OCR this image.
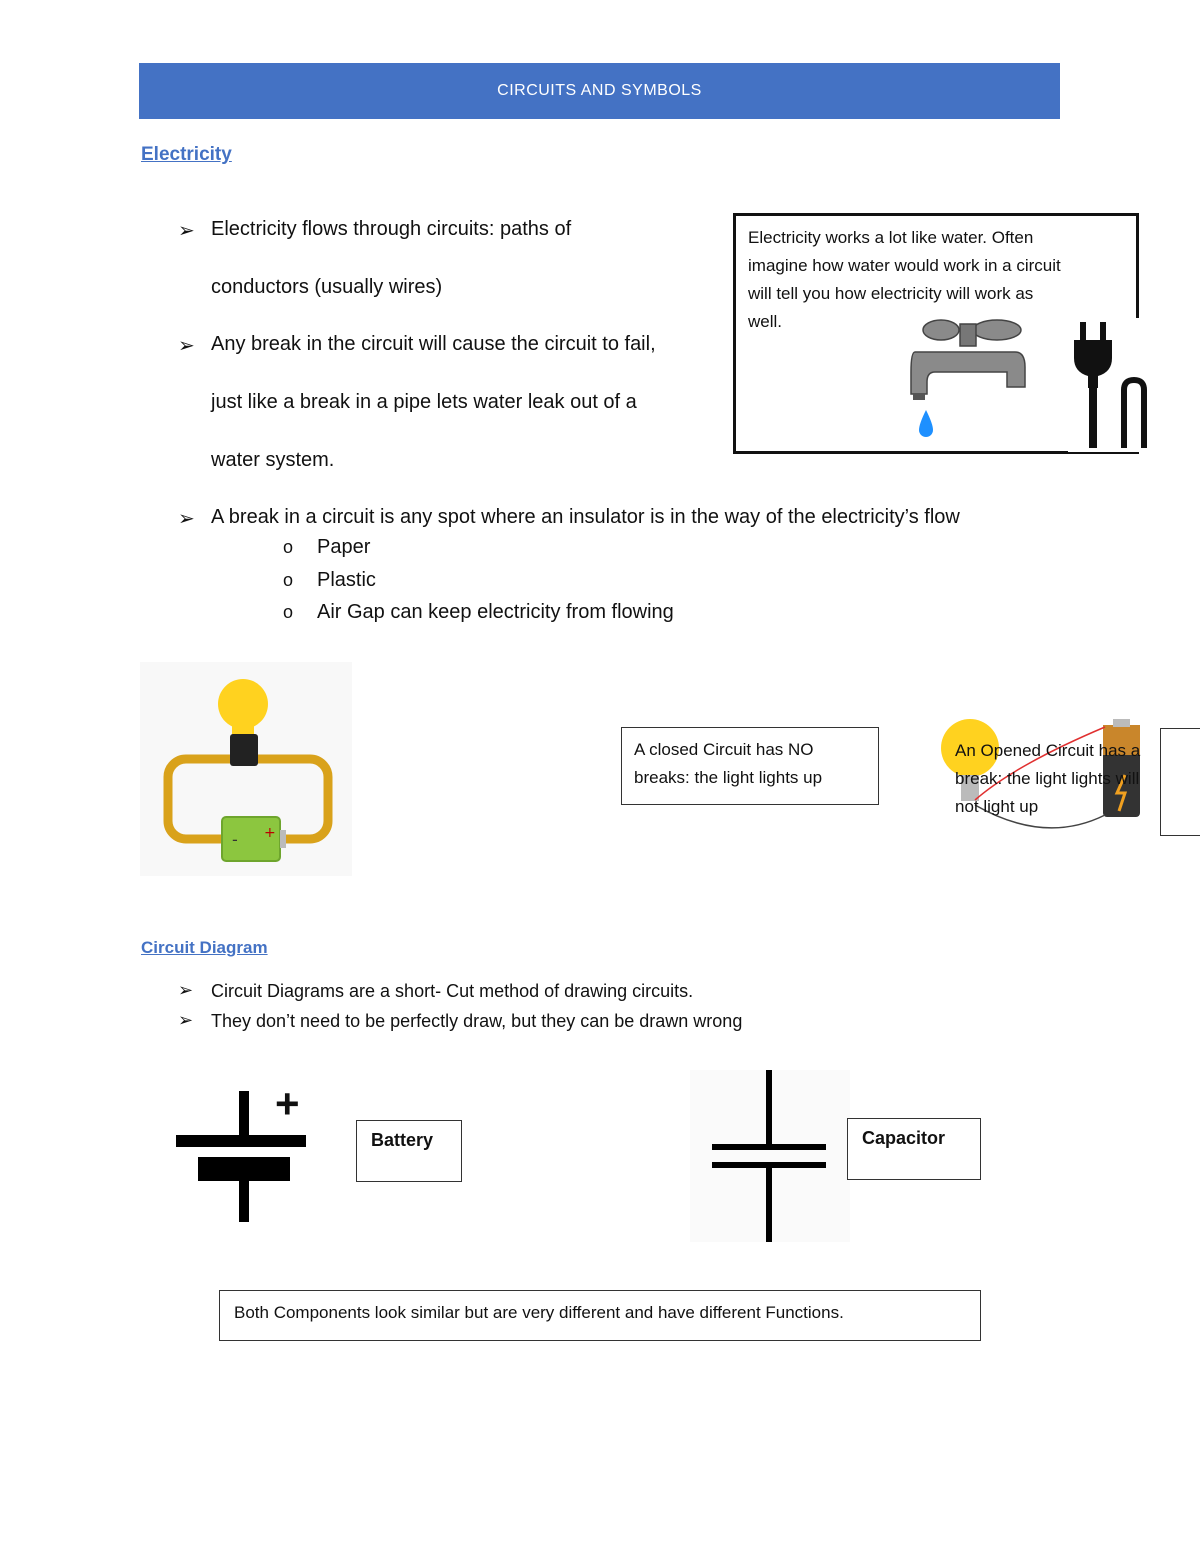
CIRCUITS AND SYMBOLS
Electricity
➢ Electricity flows through circuits: paths of
conductors (usually wires)
➢ Any break in the circuit will cause the circuit to fail,
just like a break in a pipe lets water leak out of a
water system.
➢ A break in a circuit is any spot where an insulator is in the way of the electricity’s flow
o Paper
o Plastic
o Air Gap can keep electricity from flowing
Electricity works a lot like water. Often
imagine how water would work in a circuit
will tell you how electricity will work as
well.
- +
A closed Circuit has NO
breaks: the light lights up
An Opened Circuit has a
break: the light lights will
not light up
Circuit Diagram
➢ Circuit Diagrams are a short- Cut method of drawing circuits.
➢ They don’t need to be perfectly draw, but they can be drawn wrong
+
Battery	Capacitor
Both Components look similar but are very different and have different Functions.
